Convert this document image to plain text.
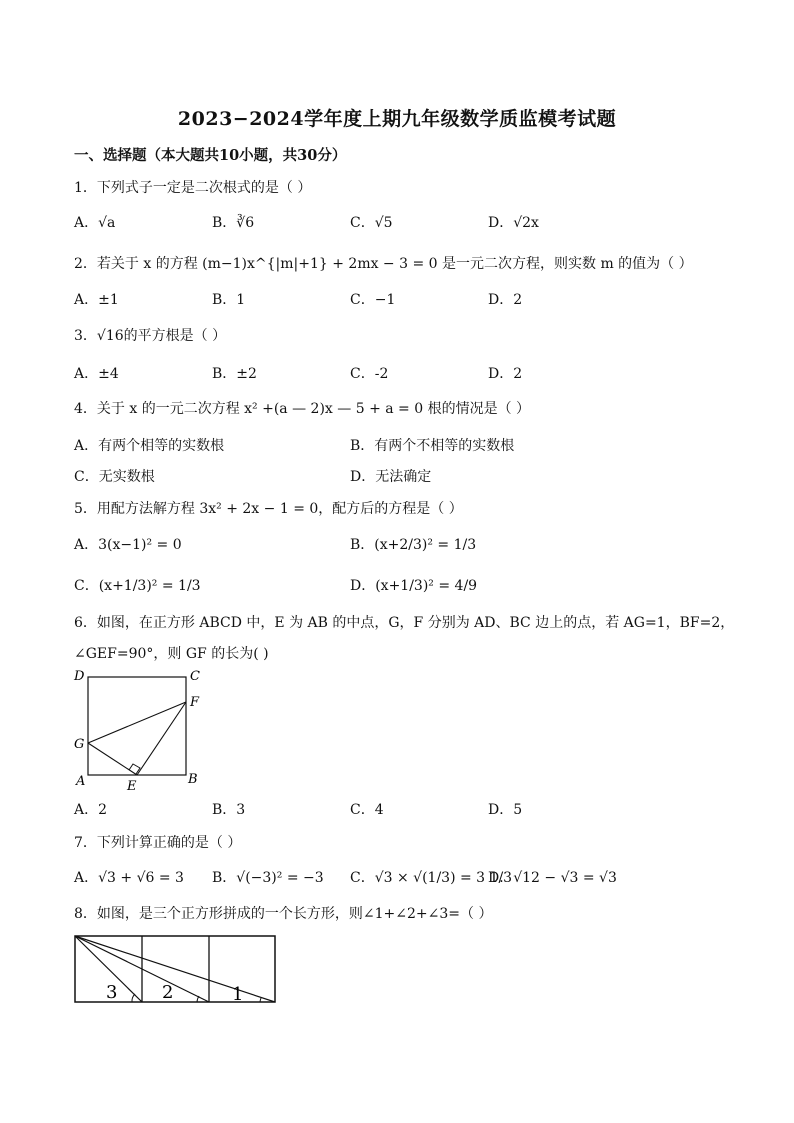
2023−2024学年度上期九年级数学质监模考试题
一、选择题（本大题共10小题，共30分）
1．下列式子一定是二次根式的是（ ）
A．√a	B．∛6	C．√5	D．√2x
2．若关于 x 的方程 (m−1)x^{|m|+1} + 2mx − 3 = 0 是一元二次方程，则实数 m 的值为（ ）
A．±1	B．1	C．−1	D．2
3．√16的平方根是（ ）
A．±4	B．±2	C．-2	D．2
4．关于 x 的一元二次方程 x² +(a — 2)x — 5 + a = 0 根的情况是（ ）
A．有两个相等的实数根	B．有两个不相等的实数根
C．无实数根	D．无法确定
5．用配方法解方程 3x² + 2x − 1 = 0，配方后的方程是（ ）
A．3(x−1)² = 0	B．(x+2/3)² = 1/3
C．(x+1/3)² = 1/3	D．(x+1/3)² = 4/9
6．如图，在正方形 ABCD 中，E 为 AB 的中点，G，F 分别为 AD、BC 边上的点，若 AG=1，BF=2，
∠GEF=90°，则 GF 的长为( )
D	C
F
G
A	E	B
A．2	B．3	C．4	D．5
7．下列计算正确的是（ ）
A．√3 + √6 = 3 B．√(−3)² = −3 C．√3 × √(1/3) = 3 1/3
D．√12 − √3 = √3
8．如图，是三个正方形拼成的一个长方形，则∠1+∠2+∠3=（ ）
3 2	1
